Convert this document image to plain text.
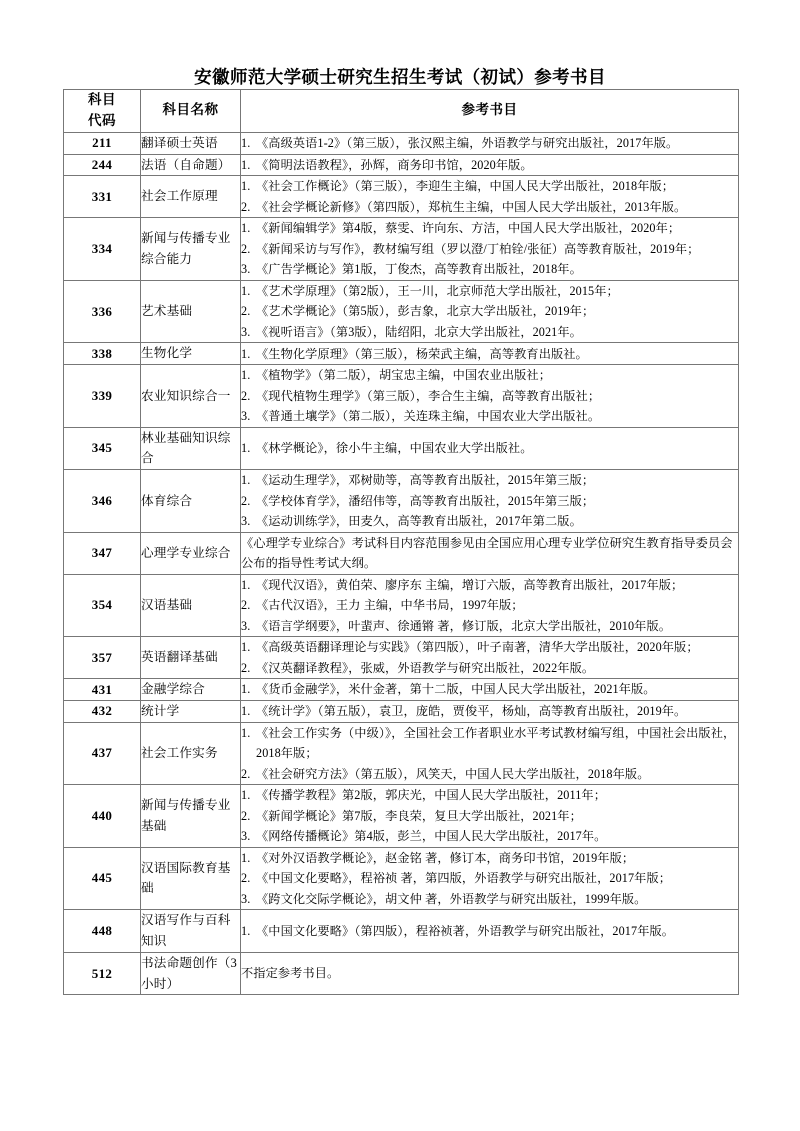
安徽师范大学硕士研究生招生考试（初试）参考书目
科目
代码	科目名称	参考书目
211	翻译硕士英语	1. 《高级英语1-2》（第三版），张汉熙主编，外语教学与研究出版社，2017年版。

244	法语（自命题）	1. 《简明法语教程》，孙辉，商务印书馆，2020年版。

331	社会工作原理	
1. 《社会工作概论》（第三版），李迎生主编，中国人民大学出版社，2018年版；
2. 《社会学概论新修》（第四版），郑杭生主编，中国人民大学出版社，2013年版。

334	新闻与传播专业综合能力	
1. 《新闻编辑学》第4版，蔡雯、许向东、方洁，中国人民大学出版社，2020年；
2. 《新闻采访与写作》，教材编写组（罗以澄/丁柏铨/张征）高等教育版社，2019年；
3. 《广告学概论》第1版，丁俊杰，高等教育出版社，2018年。

336	艺术基础	
1. 《艺术学原理》（第2版），王一川，北京师范大学出版社，2015年；
2. 《艺术学概论》（第5版），彭吉象，北京大学出版社，2019年；
3. 《视听语言》（第3版），陆绍阳，北京大学出版社，2021年。

338	生物化学	1. 《生物化学原理》（第三版），杨荣武主编，高等教育出版社。

339	农业知识综合一	
1. 《植物学》（第二版），胡宝忠主编，中国农业出版社；
2. 《现代植物生理学》（第三版），李合生主编，高等教育出版社；
3. 《普通土壤学》（第二版），关连珠主编，中国农业大学出版社。

345	林业基础知识综合	
1. 《林学概论》，徐小牛主编，中国农业大学出版社。

346	体育综合	
1. 《运动生理学》，邓树勋等，高等教育出版社，2015年第三版；
2. 《学校体育学》，潘绍伟等，高等教育出版社，2015年第三版；
3. 《运动训练学》，田麦久，高等教育出版社，2017年第二版。

347	心理学专业综合	《心理学专业综合》考试科目内容范围参见由全国应用心理专业学位研究生教育指导委员会公布的指导性考试大纲。

354	汉语基础	
1. 《现代汉语》，黄伯荣、廖序东 主编，增订六版，高等教育出版社，2017年版；
2. 《古代汉语》，王力 主编，中华书局，1997年版；
3. 《语言学纲要》，叶蜚声、徐通锵 著，修订版，北京大学出版社，2010年版。

357	英语翻译基础	
1. 《高级英语翻译理论与实践》（第四版），叶子南著，清华大学出版社，2020年版；
2. 《汉英翻译教程》，张威，外语教学与研究出版社，2022年版。

431	金融学综合	1. 《货币金融学》，米什金著，第十二版，中国人民大学出版社，2021年版。

432	统计学	1. 《统计学》（第五版），袁卫，庞皓，贾俊平，杨灿，高等教育出版社，2019年。

437	社会工作实务	
1. 《社会工作实务（中级）》，全国社会工作者职业水平考试教材编写组，中国社会出版社，2018年版；
2. 《社会研究方法》（第五版），风笑天，中国人民大学出版社，2018年版。

440	新闻与传播专业基础	
1. 《传播学教程》第2版，郭庆光，中国人民大学出版社，2011年；
2. 《新闻学概论》第7版，李良荣，复旦大学出版社，2021年；
3. 《网络传播概论》第4版，彭兰，中国人民大学出版社，2017年。

445	汉语国际教育基础	
1. 《对外汉语教学概论》，赵金铭 著，修订本，商务印书馆，2019年版；
2. 《中国文化要略》，程裕祯 著，第四版，外语教学与研究出版社，2017年版；
3. 《跨文化交际学概论》，胡文仲 著，外语教学与研究出版社，1999年版。

448	汉语写作与百科知识	
1. 《中国文化要略》（第四版），程裕祯著，外语教学与研究出版社，2017年版。

512	书法命题创作（3小时）	不指定参考书目。
